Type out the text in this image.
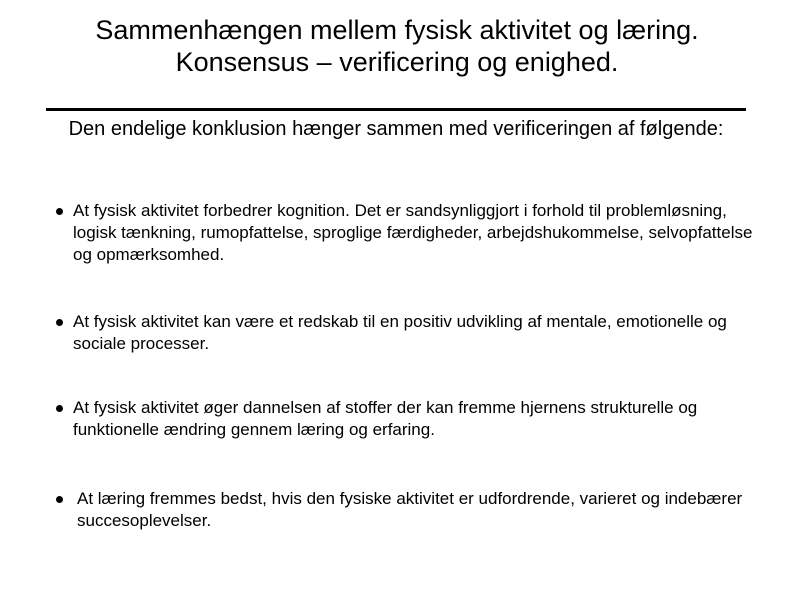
Sammenhængen mellem fysisk aktivitet og læring.
Konsensus – verificering og enighed.

Den endelige konklusion hænger sammen med verificeringen af følgende:

At fysisk aktivitet forbedrer kognition. Det er sandsynliggjort i forhold til problemløsning, logisk tænkning, rumopfattelse, sproglige færdigheder, arbejdshukommelse, selvopfattelse og opmærksomhed.
At fysisk aktivitet kan være et redskab til en positiv udvikling af mentale, emotionelle og sociale processer.
At fysisk aktivitet øger dannelsen af stoffer der kan fremme hjernens strukturelle og funktionelle ændring gennem læring og erfaring.
At læring fremmes bedst, hvis den fysiske aktivitet er udfordrende, varieret og indebærer succesoplevelser.
